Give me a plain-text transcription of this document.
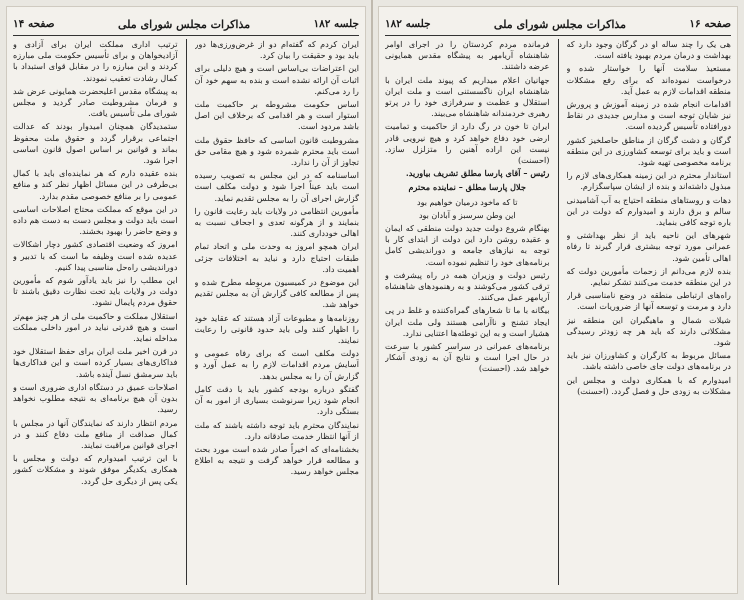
جلسه ۱۸۲
مذاکرات مجلس شورای ملی
صفحه ۱۴

ایران کردم که گفته‌ام دو از غرض‌ورزی‌ها دور باید بود و حقیقت را بیان کرد.

این اعتراضات بی‌اساس است و هیچ دلیلی برای اثبات آن ارائه نشده است و بنده به سهم خود آن را رد می‌کنم.

اساس حکومت مشروطه بر حاکمیت ملت استوار است و هر اقدامی که برخلاف این اصل باشد مردود است.

مشروطیت قانون اساسی که حافظ حقوق ملت است باید محترم شمرده شود و هیچ مقامی حق تجاوز از آن را ندارد.

اساسنامه که در این مجلس به تصویب رسیده است باید عیناً اجرا شود و دولت مکلف است گزارش اجرای آن را به مجلس تقدیم نماید.

مأمورین انتظامی در ولایات باید رعایت قانون را بنمایند و از هرگونه تعدی و اجحاف نسبت به اهالی خودداری کنند.

ایران همچو امروز به وحدت ملی و اتحاد تمام طبقات احتیاج دارد و نباید به اختلافات جزئی اهمیت داد.

این موضوع در کمیسیون مربوطه مطرح شده و پس از مطالعه کافی گزارش آن به مجلس تقدیم خواهد شد.

روزنامه‌ها و مطبوعات آزاد هستند که عقاید خود را اظهار کنند ولی باید حدود قانونی را رعایت نمایند.

دولت مکلف است که برای رفاه عمومی و آسایش مردم اقدامات لازم را به عمل آورد و گزارش آن را به مجلس بدهد.

گفتگو درباره بودجه کشور باید با دقت کامل انجام شود زیرا سرنوشت بسیاری از امور به آن بستگی دارد.

نمایندگان محترم باید توجه داشته باشند که ملت از آنها انتظار خدمت صادقانه دارد.

بخشنامه‌ای که اخیراً صادر شده است مورد بحث و مطالعه قرار خواهد گرفت و نتیجه به اطلاع مجلس خواهد رسید.

ترتیب اداری مملکت ایران برای آزادی و آزادیخواهان و برای تأسیس حکومت ملی مبارزه کردند و این مبارزه را در مقابل قوای استبداد با کمال رشادت تعقیب نمودند.

به پیشگاه مقدس اعلیحضرت همایونی عرض شد و فرمان مشروطیت صادر گردید و مجلس شورای ملی تأسیس یافت.

ستمدیدگان همچنان امیدوار بودند که عدالت اجتماعی برقرار گردد و حقوق ملت محفوظ بماند و قوانین بر اساس اصول قانون اساسی اجرا شود.

بنده عقیده دارم که هر نماینده‌ای باید با کمال بی‌طرفی در این مسائل اظهار نظر کند و منافع عمومی را بر منافع خصوصی مقدم بدارد.

در این موقع که مملکت محتاج اصلاحات اساسی است باید دولت و مجلس دست به دست هم داده و وضع حاضر را بهبود بخشند.

امروز که وضعیت اقتصادی کشور دچار اشکالات عدیده شده است وظیفه ما است که با تدبیر و دوراندیشی راه‌حل مناسبی پیدا کنیم.

این مطلب را نیز باید یادآور شوم که مأمورین دولت در ولایات باید تحت نظارت دقیق باشند تا حقوق مردم پایمال نشود.

استقلال مملکت و حاکمیت ملی از هر چیز مهم‌تر است و هیچ قدرتی نباید در امور داخلی مملکت مداخله نماید.

در قرن اخیر ملت ایران برای حفظ استقلال خود فداکاری‌های بسیار کرده است و این فداکاری‌ها باید سرمشق نسل آینده باشد.

اصلاحات عمیق در دستگاه اداری ضروری است و بدون آن هیچ برنامه‌ای به نتیجه مطلوب نخواهد رسید.

مردم انتظار دارند که نمایندگان آنها در مجلس با کمال صداقت از منافع ملت دفاع کنند و در اجرای قوانین مراقبت نمایند.

با این ترتیب امیدوارم که دولت و مجلس با همکاری یکدیگر موفق شوند و مشکلات کشور یکی پس از دیگری حل گردد.

صفحه ۱۶
مذاکرات مجلس شورای ملی
جلسه ۱۸۲

هی یک را چند ساله او در گرگان وجود دارد که بهداشت و درمان مردم بهبود یافته است.

مستعیذ سلامت آنها را خواستار شده و درخواست نموده‌اند که برای رفع مشکلات منطقه اقدامات لازم به عمل آید.

اقدامات انجام شده در زمینه آموزش و پرورش نیز شایان توجه است و مدارس جدیدی در نقاط دورافتاده تأسیس گردیده است.

گرگان و دشت گرگان از مناطق حاصلخیز کشور است و باید برای توسعه کشاورزی در این منطقه برنامه مخصوصی تهیه شود.

استاندار محترم در این زمینه همکاری‌های لازم را مبذول داشته‌اند و بنده از ایشان سپاسگزارم.

دهات و روستاهای منطقه احتیاج به آب آشامیدنی سالم و برق دارند و امیدوارم که دولت در این باره توجه کافی بنماید.

شهرهای این ناحیه باید از نظر بهداشتی و عمرانی مورد توجه بیشتری قرار گیرند تا رفاه اهالی تأمین شود.

بنده لازم می‌دانم از زحمات مأمورین دولت که در این منطقه خدمت می‌کنند تشکر نمایم.

راه‌های ارتباطی منطقه در وضع نامناسبی قرار دارد و مرمت و توسعه آنها از ضروریات است.

شیلات شمال و ماهیگیران این منطقه نیز مشکلاتی دارند که باید هر چه زودتر رسیدگی شود.

مسائل مربوط به کارگران و کشاورزان نیز باید در برنامه‌های دولت جای خاصی داشته باشد.

امیدوارم که با همکاری دولت و مجلس این مشکلات به زودی حل و فصل گردد. (احسنت)

فرمانده مردم کردستان را در اجرای اوامر شاهنشاه آریامهر به پیشگاه مقدس همایونی عرضه داشتند.

جهانیان اعلام میداریم که پیوند ملت ایران با شاهنشاه ایران ناگسستنی است و ملت ایران استقلال و عظمت و سرفرازی خود را در پرتو رهبری خردمندانه شاهنشاه می‌بیند.

ایران تا خون در رگ دارد از حاکمیت و تمامیت ارضی خود دفاع خواهد کرد و هیچ نیرویی قادر نیست این اراده آهنین را متزلزل سازد. (احسنت)

رئیس – آقای پارسا مطلق تشریف بیاورید.

جلال پارسا مطلق – نماینده محترم

تا که ماخود درمیان خواهیم بود

این وطن سرسبز و آبادان بود

بهنگام شروع دولت جدید دولت منطقی که ایمان و عقیده روشن دارد این دولت از ابتدای کار با توجه به نیازهای جامعه و دوراندیشی کامل برنامه‌های خود را تنظیم نموده است.

رئیس دولت و وزیران همه در راه پیشرفت و ترقی کشور می‌کوشند و به رهنمودهای شاهنشاه آریامهر عمل می‌کنند.

بیگانه با ما تا شعارهای گمراه‌کننده و غلط در پی ایجاد تشنج و ناآرامی هستند ولی ملت ایران هشیار است و به این توطئه‌ها اعتنایی ندارد.

برنامه‌های عمرانی در سراسر کشور با سرعت در حال اجرا است و نتایج آن به زودی آشکار خواهد شد. (احسنت)
